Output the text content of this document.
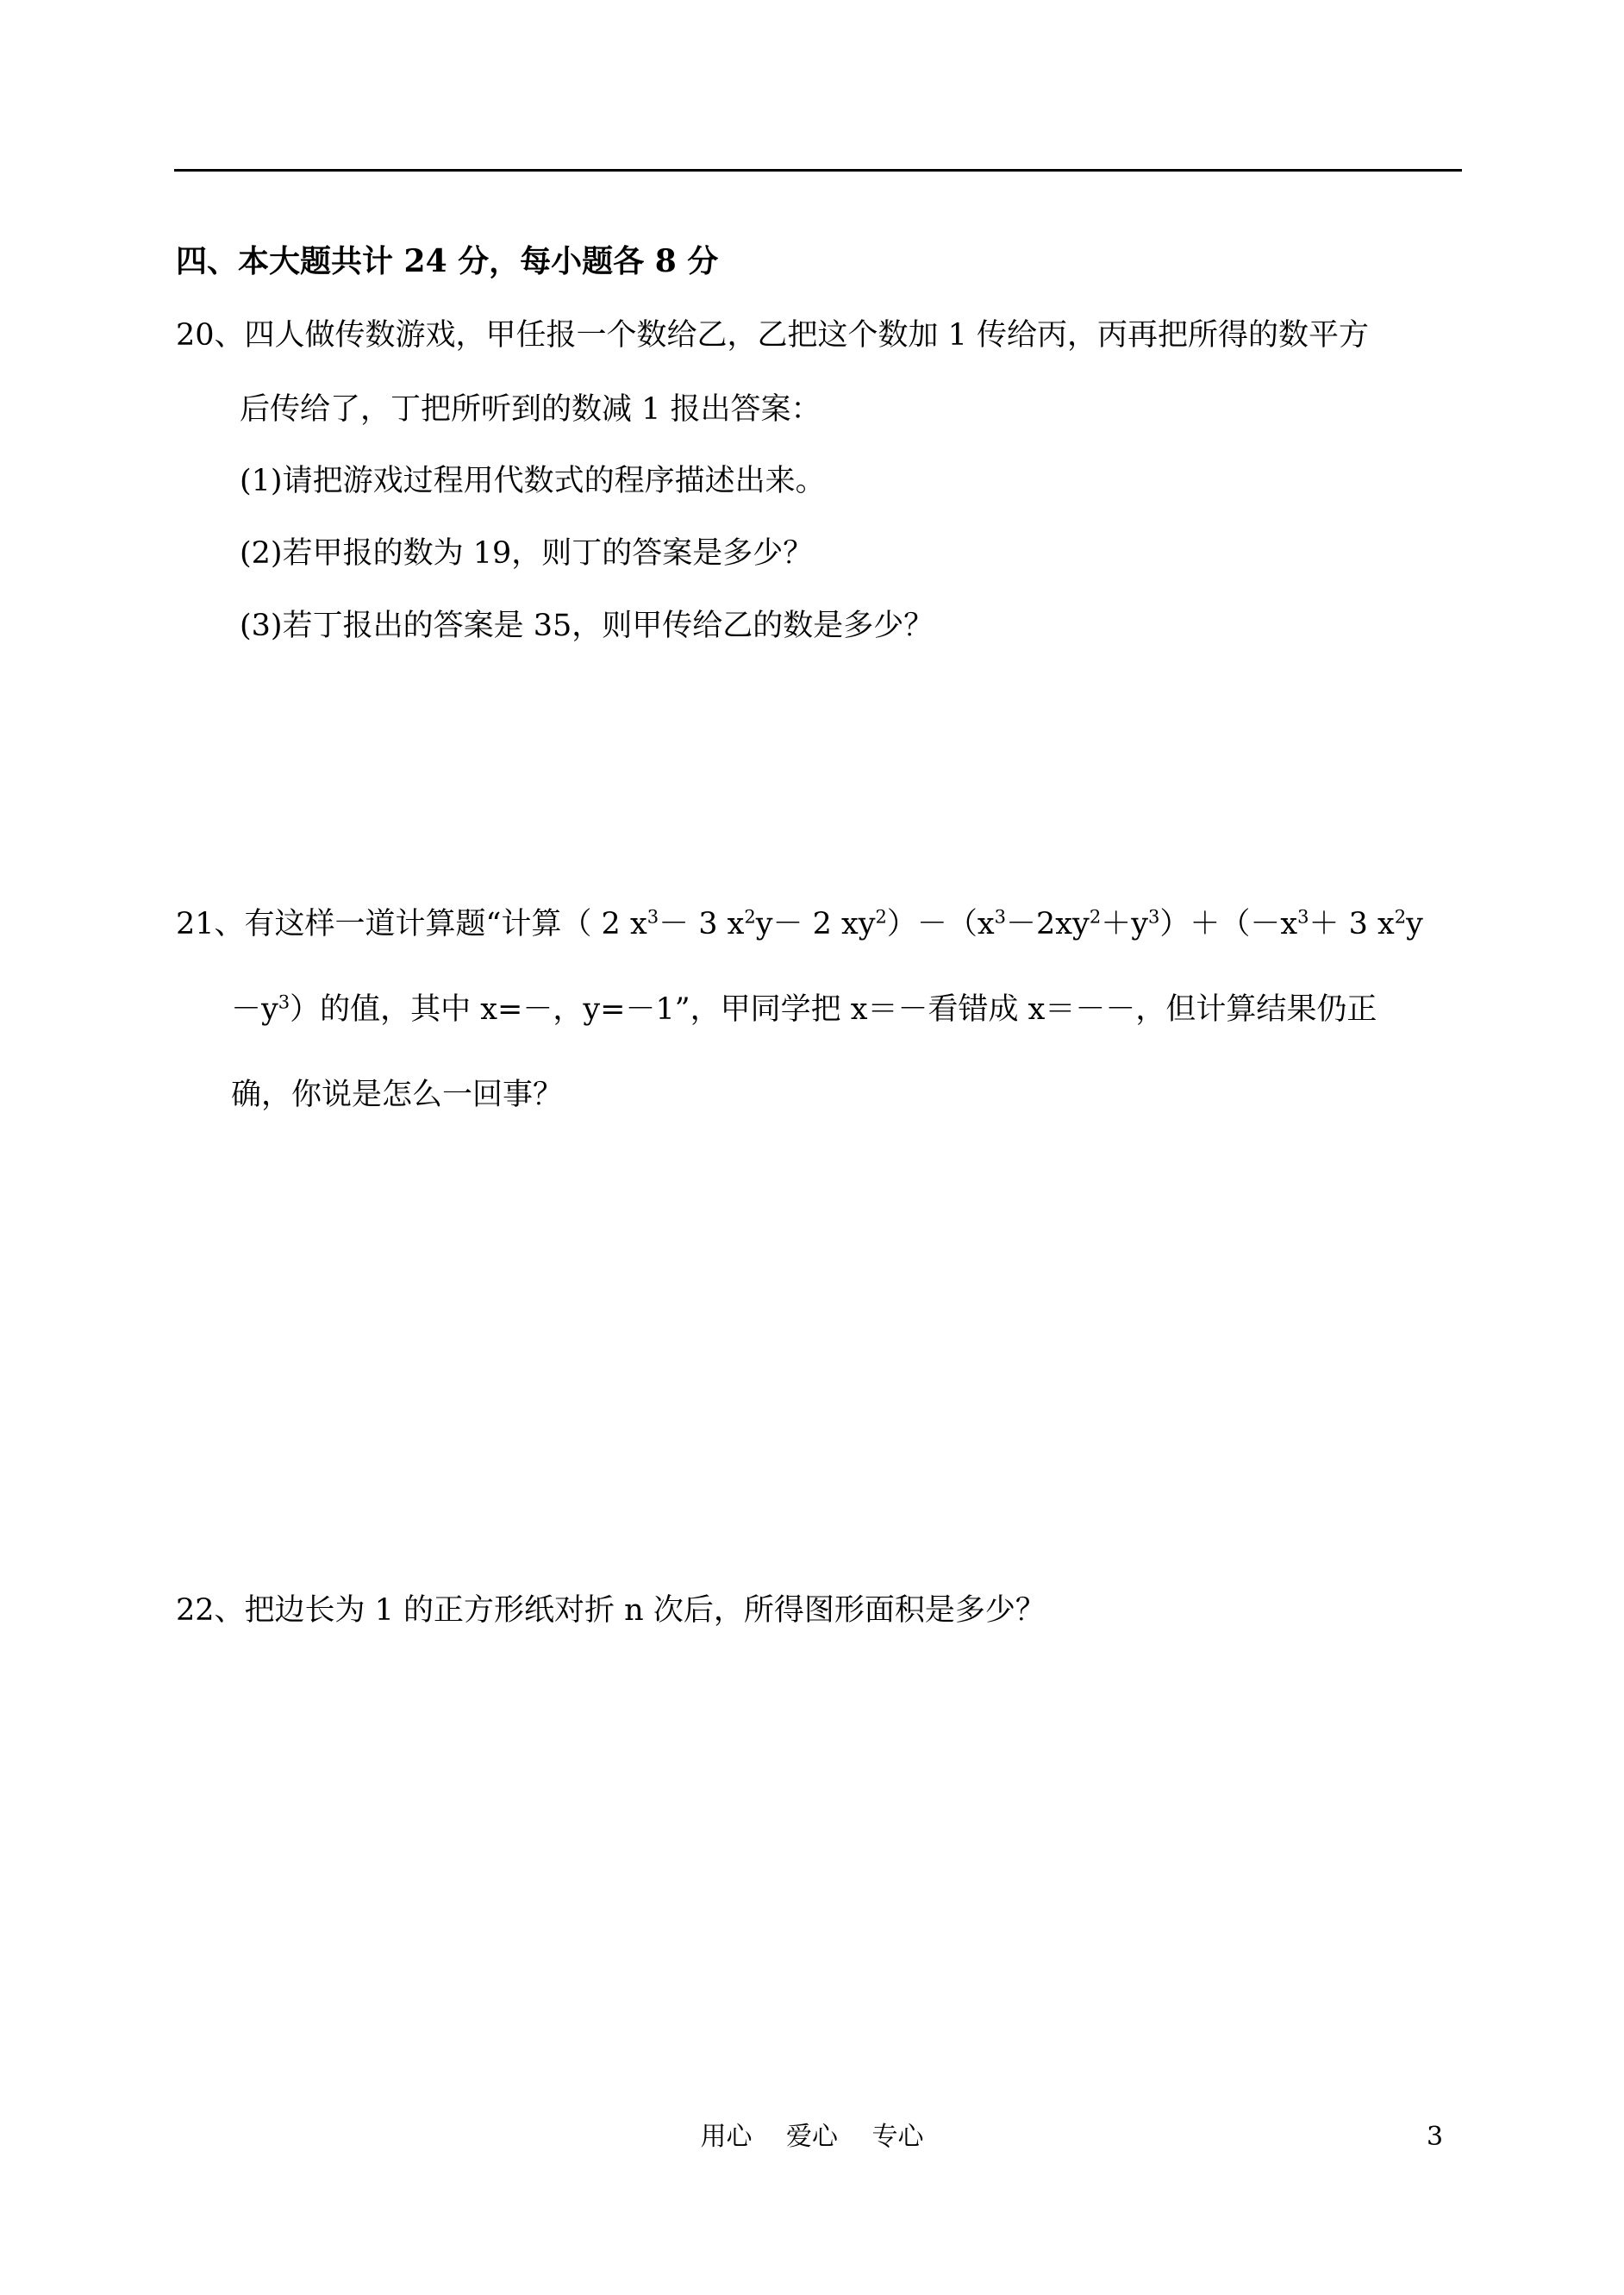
四、本大题共计 24 分，每小题各 8 分
20、四人做传数游戏，甲任报一个数给乙，乙把这个数加 1 传给丙，丙再把所得的数平方
后传给了，丁把所听到的数减 1 报出答案：
(1)请把游戏过程用代数式的程序描述出来。
(2)若甲报的数为 19，则丁的答案是多少？
(3)若丁报出的答案是 35，则甲传给乙的数是多少？
21、有这样一道计算题“计算（ 2 $x^3- 3$ $x^2y- 2$ $xy^2)-(x^3-2xy^2+y^3)+(-x^3+ 3$ $x^2y$
$-y^3$）的值，其中 x=－，y=－1”，甲同学把 x＝－看错成 x＝－－，但计算结果仍正
确，你说是怎么一回事？
22、把边长为 1 的正方形纸对折 n 次后，所得图形面积是多少？
用心 爱心 专心	3
